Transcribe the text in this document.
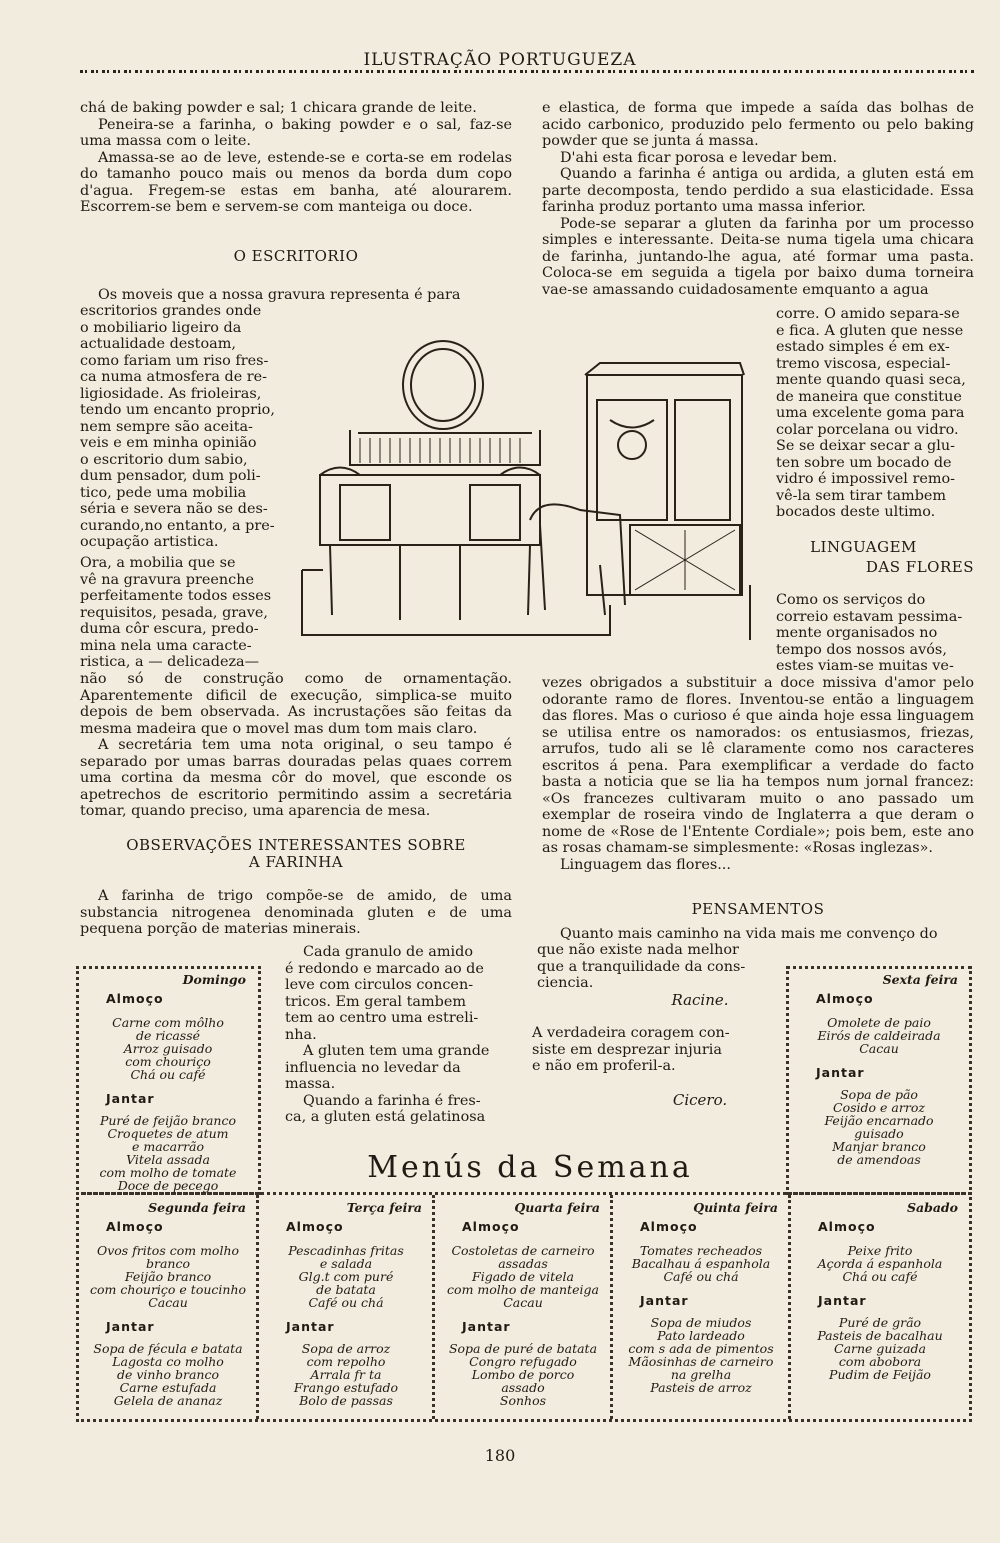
ILUSTRAÇÃO PORTUGUEZA

chá de baking powder e sal; 1 chicara grande de leite.

Peneira-se a farinha, o baking powder e o sal, faz-se uma massa com o leite.

Amassa-se ao de leve, estende-se e corta-se em rodelas do tamanho pouco mais ou menos da borda dum copo d'agua. Fregem-se estas em banha, até alourarem. Escorrem-se bem e servem-se com manteiga ou doce.

O ESCRITORIO

Os moveis que a nossa gravura representa é para

escritorios grandes onde
o mobiliario ligeiro da
actualidade destoam,
como fariam um riso fres-
ca numa atmosfera de re-
ligiosidade. As frioleiras,
tendo um encanto proprio,
nem sempre são aceita-
veis e em minha opinião
o escritorio dum sabio,
dum pensador, dum poli-
tico, pede uma mobilia
séria e severa não se des-
curando,no entanto, a pre-
ocupação artistica.
Ora, a mobilia que se
vê na gravura preenche
perfeitamente todos esses
requisitos, pesada, grave,
duma côr escura, predo-
mina nela uma caracte-
ristica, a — delicadeza—

não só de construção como de ornamentação. Aparentemente dificil de execução, simplica-se muito depois de bem observada. As incrustações são feitas da mesma madeira que o movel mas dum tom mais claro.

A secretária tem uma nota original, o seu tampo é separado por umas barras douradas pelas quaes correm uma cortina da mesma côr do movel, que esconde os apetrechos de escritorio permitindo assim a secretária tomar, quando preciso, uma aparencia de mesa.

OBSERVAÇÕES INTERESSANTES SOBRE
A FARINHA

A farinha de trigo compõe-se de amido, de uma substancia nitrogenea denominada gluten e de uma pequena porção de materias minerais.

Cada granulo de amido
é redondo e marcado ao de
leve com circulos concen-
tricos. Em geral tambem
tem ao centro uma estreli-
nha.
A gluten tem uma grande
influencia no levedar da
massa.
Quando a farinha é fres-
ca, a gluten está gelatinosa

e elastica, de forma que impede a saída das bolhas de acido carbonico, produzido pelo fermento ou pelo baking powder que se junta á massa.

D'ahi esta ficar porosa e levedar bem.

Quando a farinha é antiga ou ardida, a gluten está em parte decomposta, tendo perdido a sua elasticidade. Essa farinha produz portanto uma massa inferior.

Pode-se separar a gluten da farinha por um processo simples e interessante. Deita-se numa tigela uma chicara de farinha, juntando-lhe agua, até formar uma pasta. Coloca-se em seguida a tigela por baixo duma torneira vae-se amassando cuidadosamente emquanto a agua

corre. O amido separa-se
e fica. A gluten que nesse
estado simples é em ex-
tremo viscosa, especial-
mente quando quasi seca,
de maneira que constitue
uma excelente goma para
colar porcelana ou vidro.
Se se deixar secar a glu-
ten sobre um bocado de
vidro é impossivel remo-
vê-la sem tirar tambem
bocados deste ultimo.
LINGUAGEM
DAS FLORES
Como os serviços do
correio estavam pessima-
mente organisados no
tempo dos nossos avós,
estes viam-se muitas ve-

vezes obrigados a substituir a doce missiva d'amor pelo odorante ramo de flores. Inventou-se então a linguagem das flores. Mas o curioso é que ainda hoje essa linguagem se utilisa entre os namorados: os entusiasmos, friezas, arrufos, tudo ali se lê claramente como nos caracteres escritos á pena. Para exemplificar a verdade do facto basta a noticia que se lia ha tempos num jornal francez: «Os francezes cultivaram muito o ano passado um exemplar de roseira vindo de Inglaterra a que deram o nome de «Rose de l'Entente Cordiale»; pois bem, este ano as rosas chamam-se simplesmente: «Rosas inglezas».

Linguagem das flores...

PENSAMENTOS

Quanto mais caminho na vida mais me convenço do

que não existe nada melhor
que a tranquilidade da cons-
ciencia.
Racine.
A verdadeira coragem con-
siste em desprezar injuria
e não em proferil-a.
Cicero.
Menús da Semana
Domingo
Almoço
Carne com môlho
de ricassé
Arroz guisado
com chouriço
Chá ou café
Jantar
Puré de feijão branco
Croquetes de atum
e macarrão
Vitela assada
com molho de tomate
Doce de pecego
Segunda feira
Almoço
Ovos fritos com molho
branco
Feijão branco
com chouriço e toucinho
Cacau
Jantar
Sopa de fécula e batata
Lagosta co molho
de vinho branco
Carne estufada
Gelela de ananaz
Terça feira
Almoço
Pescadinhas fritas
e salada
Glg.t com puré
de batata
Café ou chá
Jantar
Sopa de arroz
com repolho
Arrala fr ta
Frango estufado
Bolo de passas
Quarta feira
Almoço
Costoletas de carneiro
assadas
Figado de vitela
com molho de manteiga
Cacau
Jantar
Sopa de puré de batata
Congro refugado
Lombo de porco
assado
Sonhos
Quinta feira
Almoço
Tomates recheados
Bacalhau á espanhola
Café ou chá
Jantar
Sopa de miudos
Pato lardeado
com s ada de pimentos
Mãosinhas de carneiro
na grelha
Pasteis de arroz
Sexta feira
Almoço
Omolete de paio
Eirós de caldeirada
Cacau
Jantar
Sopa de pão
Cosido e arroz
Feijão encarnado
guisado
Manjar branco
de amendoas
Sabado
Almoço
Peixe frito
Açorda á espanhola
Chá ou café
Jantar
Puré de grão
Pasteis de bacalhau
Carne guizada
com abobora
Pudim de Feijão
180
